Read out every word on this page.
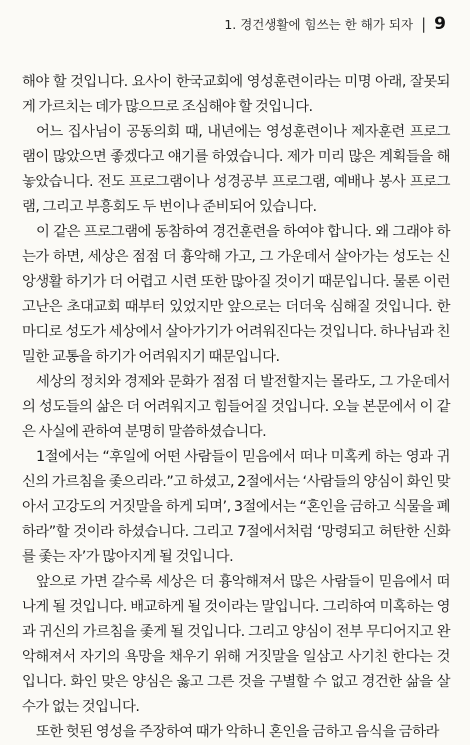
1. 경건생활에 힘쓰는 한 해가 되자 | 9

해야 할 것입니다. 요사이 한국교회에 영성훈련이라는 미명 아래, 잘못되게 가르치는 데가 많으므로 조심해야 할 것입니다.

어느 집사님이 공동의회 때, 내년에는 영성훈련이나 제자훈련 프로그램이 많았으면 좋겠다고 얘기를 하였습니다. 제가 미리 많은 계획들을 해 놓았습니다. 전도 프로그램이나 성경공부 프로그램, 예배나 봉사 프로그램, 그리고 부흥회도 두 번이나 준비되어 있습니다.

이 같은 프로그램에 동참하여 경건훈련을 하여야 합니다. 왜 그래야 하는가 하면, 세상은 점점 더 흉악해 가고, 그 가운데서 살아가는 성도는 신앙생활 하기가 더 어렵고 시련 또한 많아질 것이기 때문입니다. 물론 이런 고난은 초대교회 때부터 있었지만 앞으로는 더더욱 심해질 것입니다. 한마디로 성도가 세상에서 살아가기가 어려워진다는 것입니다. 하나님과 친밀한 교통을 하기가 어려워지기 때문입니다.

세상의 정치와 경제와 문화가 점점 더 발전할지는 몰라도, 그 가운데서의 성도들의 삶은 더 어려워지고 힘들어질 것입니다. 오늘 본문에서 이 같은 사실에 관하여 분명히 말씀하셨습니다.

1절에서는 “후일에 어떤 사람들이 믿음에서 떠나 미혹케 하는 영과 귀신의 가르침을 좇으리라.”고 하셨고, 2절에서는 ‘사람들의 양심이 화인 맞아서 고강도의 거짓말을 하게 되며’, 3절에서는 “혼인을 금하고 식물을 폐하라”할 것이라 하셨습니다. 그리고 7절에서처럼 ‘망령되고 허탄한 신화를 좇는 자’가 많아지게 될 것입니다.

앞으로 가면 갈수록 세상은 더 흉악해져서 많은 사람들이 믿음에서 떠나게 될 것입니다. 배교하게 될 것이라는 말입니다. 그리하여 미혹하는 영과 귀신의 가르침을 좇게 될 것입니다. 그리고 양심이 전부 무디어지고 완악해져서 자기의 욕망을 채우기 위해 거짓말을 일삼고 사기친 한다는 것입니다. 화인 맞은 양심은 옳고 그른 것을 구별할 수 없고 경건한 삶을 살 수가 없는 것입니다.

또한 헛된 영성을 주장하여 때가 악하니 혼인을 금하고 음식을 금하라
